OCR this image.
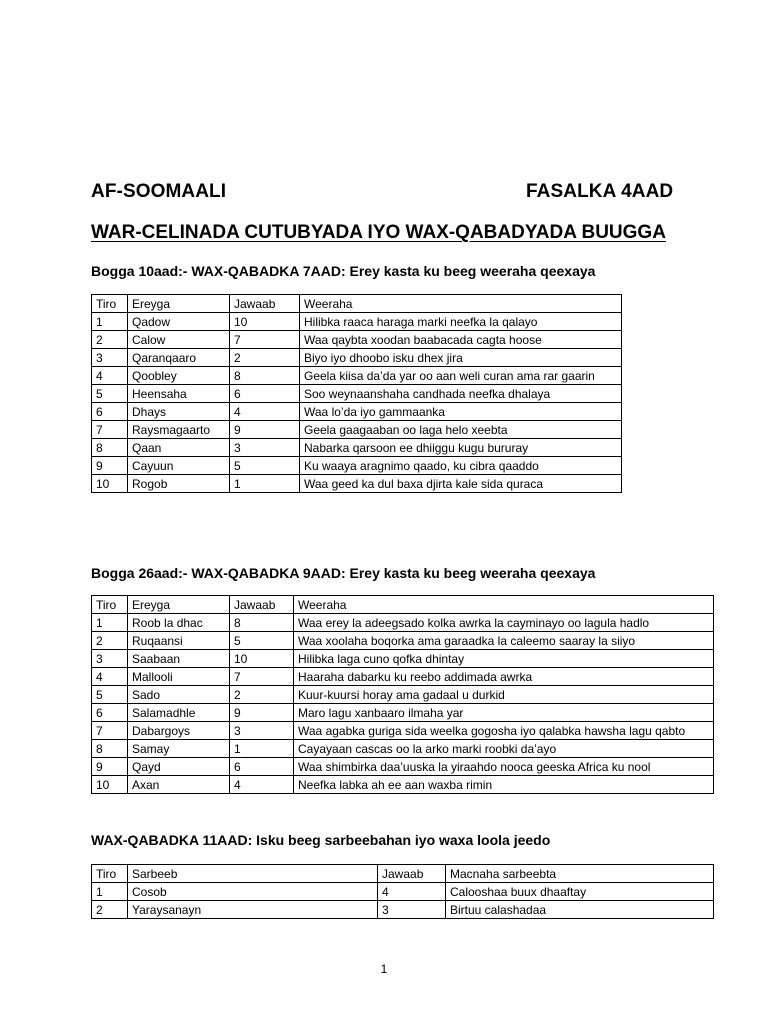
AF-SOOMAALI	FASALKA 4AAD
WAR-CELINADA CUTUBYADA IYO WAX-QABADYADA BUUGGA
Bogga 10aad:- WAX-QABADKA 7AAD: Erey kasta ku beeg weeraha qeexaya
Tiro	Ereyga	Jawaab	Weeraha
1	Qadow	10	Hilibka raaca haraga marki neefka la qalayo
2	Calow	7	Waa qaybta xoodan baabacada cagta hoose
3	Qaranqaaro	2	Biyo iyo dhoobo isku dhex jira
4	Qoobley	8	Geela kiisa da’da yar oo aan weli curan ama rar gaarin
5	Heensaha	6	Soo weynaanshaha candhada neefka dhalaya
6	Dhays	4	Waa lo’da iyo gammaanka
7	Raysmagaarto	9	Geela gaagaaban oo laga helo xeebta
8	Qaan	3	Nabarka qarsoon ee dhiiggu kugu bururay
9	Cayuun	5	Ku waaya aragnimo qaado, ku cibra qaaddo
10	Rogob	1	Waa geed ka dul baxa djirta kale sida quraca
Bogga 26aad:- WAX-QABADKA 9AAD: Erey kasta ku beeg weeraha qeexaya
Tiro	Ereyga	Jawaab	Weeraha
1	Roob la dhac	8	Waa erey la adeegsado kolka awrka la cayminayo oo lagula hadlo
2	Ruqaansi	5	Waa xoolaha boqorka ama garaadka la caleemo saaray la siiyo
3	Saabaan	10	Hilibka laga cuno qofka dhintay
4	Mallooli	7	Haaraha dabarku ku reebo addimada awrka
5	Sado	2	Kuur-kuursi horay ama gadaal u durkid
6	Salamadhle	9	Maro lagu xanbaaro ilmaha yar
7	Dabargoys	3	Waa agabka guriga sida weelka gogosha iyo qalabka hawsha lagu qabto
8	Samay	1	Cayayaan cascas oo la arko marki roobki da’ayo
9	Qayd	6	Waa shimbirka daa’uuska la yiraahdo nooca geeska Africa ku nool
10	Axan	4	Neefka labka ah ee aan waxba rimin
WAX-QABADKA 11AAD: Isku beeg sarbeebahan iyo waxa loola jeedo
Tiro	Sarbeeb	Jawaab	Macnaha sarbeebta
1	Cosob	4	Calooshaa buux dhaaftay
2	Yaraysanayn	3	Birtuu calashadaa
1
